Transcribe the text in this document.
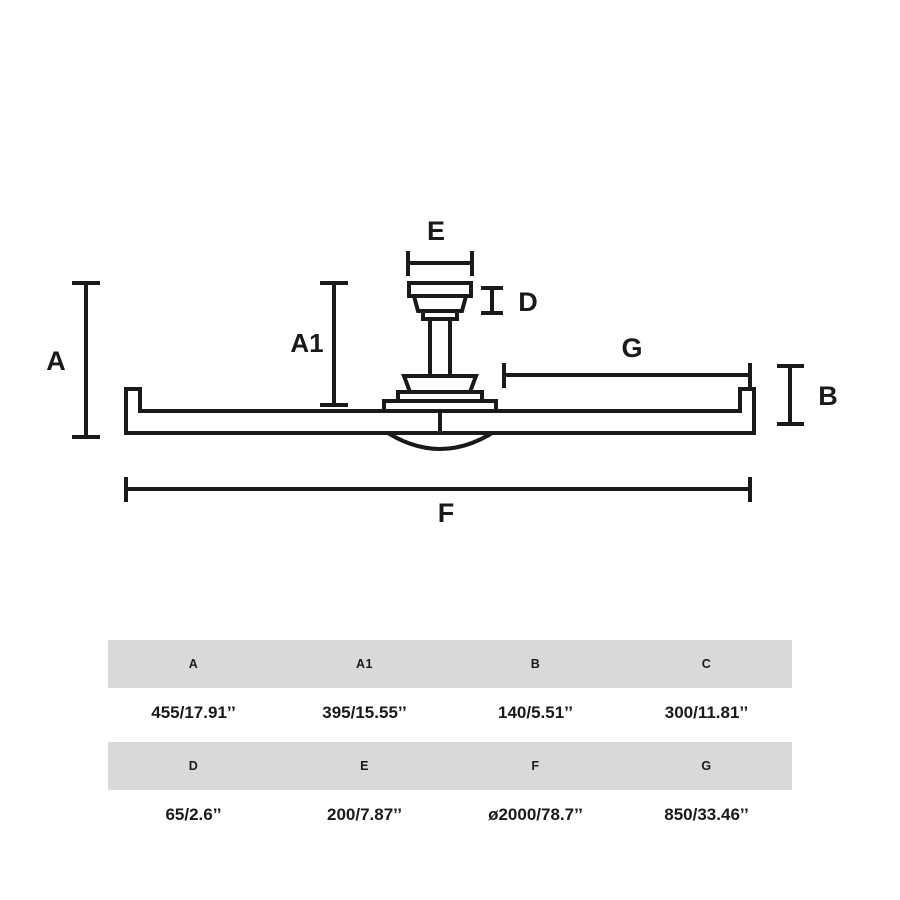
A
A1
E
D
G
B
F
A	A1	B	C
455/17.91’’	395/15.55’’	140/5.51’’	300/11.81’’

D	E	F	G
65/2.6’’	200/7.87’’	ø2000/78.7’’	850/33.46’’
